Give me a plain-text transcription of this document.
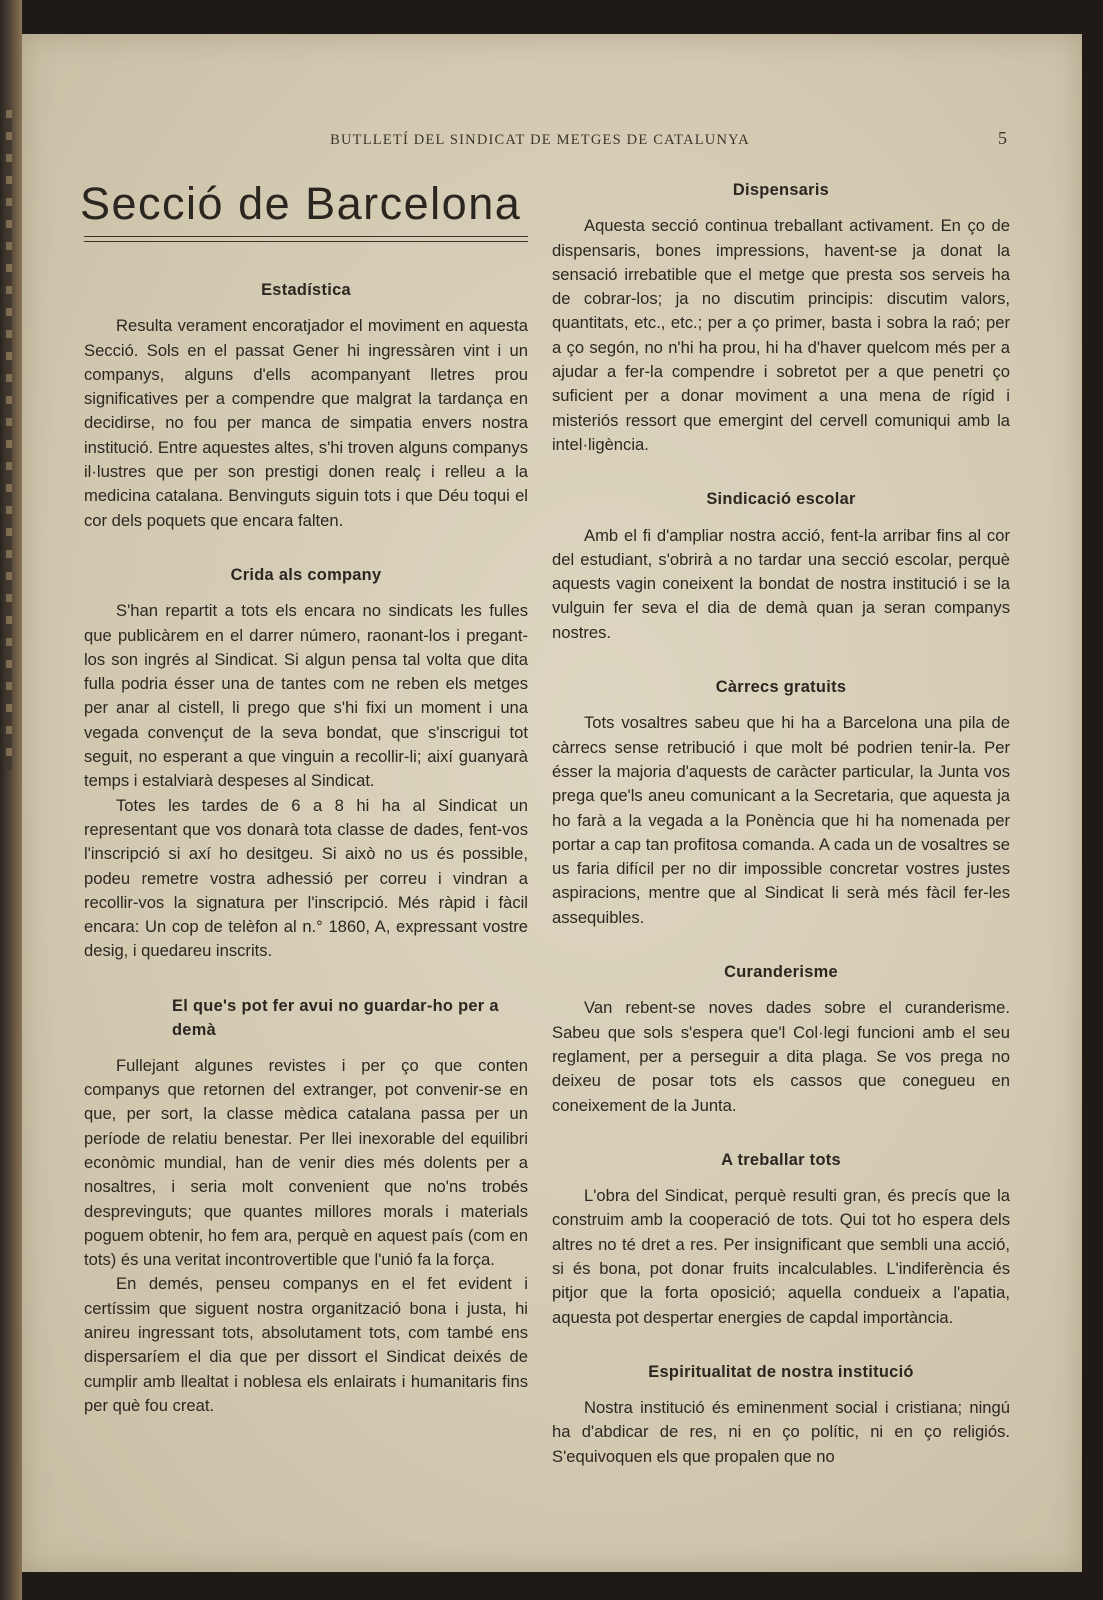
BUTLLETÍ DEL SINDICAT DE METGES DE CATALUNYA	5
Secció de Barcelona
Estadística

Resulta verament encoratjador el moviment en aquesta Secció. Sols en el passat Gener hi ingressàren vint i un companys, alguns d'ells acompanyant lletres prou significatives per a compendre que malgrat la tardança en decidirse, no fou per manca de simpatia envers nostra institució. Entre aquestes altes, s'hi troven alguns companys il·lustres que per son prestigi donen realç i relleu a la medicina catalana. Benvinguts siguin tots i que Déu toqui el cor dels poquets que encara falten.

Crida als company

S'han repartit a tots els encara no sindicats les fulles que publicàrem en el darrer número, raonant-los i pregant-los son ingrés al Sindicat. Si algun pensa tal volta que dita fulla podria ésser una de tantes com ne reben els metges per anar al cistell, li prego que s'hi fixi un moment i una vegada convençut de la seva bondat, que s'inscrigui tot seguit, no esperant a que vinguin a recollir-li; així guanyarà temps i estalviarà despeses al Sindicat.

Totes les tardes de 6 a 8 hi ha al Sindicat un representant que vos donarà tota classe de dades, fent-vos l'inscripció si axí ho desitgeu. Si això no us és possible, podeu remetre vostra adhessió per correu i vindran a recollir-vos la signatura per l'inscripció. Més ràpid i fàcil encara: Un cop de telèfon al n.° 1860, A, expressant vostre desig, i quedareu inscrits.

El que's pot fer avui no guardar-ho per a demà

Fullejant algunes revistes i per ço que conten companys que retornen del extranger, pot convenir-se en que, per sort, la classe mèdica catalana passa per un període de relatiu benestar. Per llei inexorable del equilibri econòmic mundial, han de venir dies més dolents per a nosaltres, i seria molt convenient que no'ns trobés desprevinguts; que quantes millores morals i materials poguem obtenir, ho fem ara, perquè en aquest país (com en tots) és una veritat incontrovertible que l'unió fa la força.

En demés, penseu companys en el fet evident i certíssim que siguent nostra organització bona i justa, hi anireu ingressant tots, absolutament tots, com també ens dispersaríem el dia que per dissort el Sindicat deixés de cumplir amb llealtat i noblesa els enlairats i humanitaris fins per què fou creat.

Dispensaris

Aquesta secció continua treballant activament. En ço de dispensaris, bones impressions, havent-se ja donat la sensació irrebatible que el metge que presta sos serveis ha de cobrar-los; ja no discutim principis: discutim valors, quantitats, etc., etc.; per a ço primer, basta i sobra la raó; per a ço segón, no n'hi ha prou, hi ha d'haver quelcom més per a ajudar a fer-la compendre i sobretot per a que penetri ço suficient per a donar moviment a una mena de rígid i misteriós ressort que emergint del cervell comuniqui amb la intel·ligència.

Sindicació escolar

Amb el fi d'ampliar nostra acció, fent-la arribar fins al cor del estudiant, s'obrirà a no tardar una secció escolar, perquè aquests vagin coneixent la bondat de nostra institució i se la vulguin fer seva el dia de demà quan ja seran companys nostres.

Càrrecs gratuits

Tots vosaltres sabeu que hi ha a Barcelona una pila de càrrecs sense retribució i que molt bé podrien tenir-la. Per ésser la majoria d'aquests de caràcter particular, la Junta vos prega que'ls aneu comunicant a la Secretaria, que aquesta ja ho farà a la vegada a la Ponència que hi ha nomenada per portar a cap tan profitosa comanda. A cada un de vosaltres se us faria difícil per no dir impossible concretar vostres justes aspiracions, mentre que al Sindicat li serà més fàcil fer-les assequibles.

Curanderisme

Van rebent-se noves dades sobre el curanderisme. Sabeu que sols s'espera que'l Col·legi funcioni amb el seu reglament, per a perseguir a dita plaga. Se vos prega no deixeu de posar tots els cassos que conegueu en coneixement de la Junta.

A treballar tots

L'obra del Sindicat, perquè resulti gran, és precís que la construim amb la cooperació de tots. Qui tot ho espera dels altres no té dret a res. Per insignificant que sembli una acció, si és bona, pot donar fruits incalculables. L'indiferència és pitjor que la forta oposició; aquella condueix a l'apatia, aquesta pot despertar energies de capdal importància.

Espiritualitat de nostra institució

Nostra institució és eminenment social i cristiana; ningú ha d'abdicar de res, ni en ço polític, ni en ço religiós. S'equivoquen els que propalen que no
